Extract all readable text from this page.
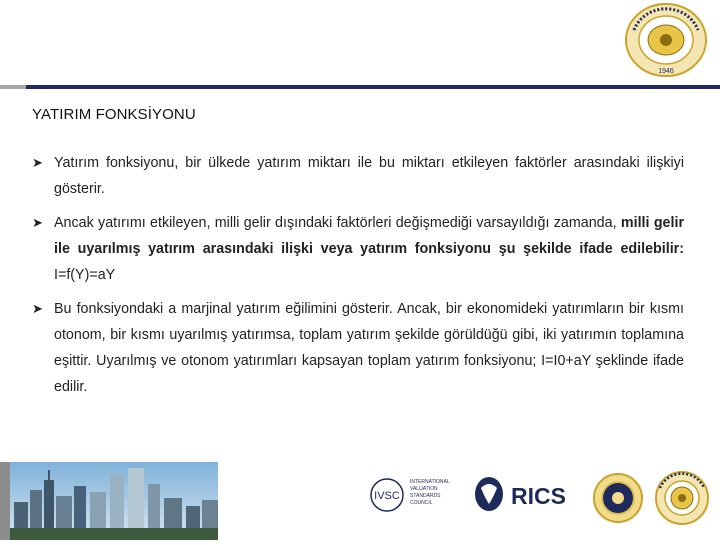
1946
YATIRIM FONKSİYONU
➤ Yatırım fonksiyonu, bir ülkede yatırım miktarı ile bu miktarı etkileyen faktörler arasındaki ilişkiyi gösterir.
➤ Ancak yatırımı etkileyen, milli gelir dışındaki faktörleri değişmediği varsayıldığı zamanda, milli gelir ile uyarılmış yatırım arasındaki ilişki veya yatırım fonksiyonu şu şekilde ifade edilebilir: I=f(Y)=aY
➤ Bu fonksiyondaki a marjinal yatırım eğilimini gösterir. Ancak, bir ekonomideki yatırımların bir kısmı otonom, bir kısmı uyarılmış yatırımsa, toplam yatırım şekilde görüldüğü gibi, iki yatırımın toplamına eşittir. Uyarılmış ve otonom yatırımları kapsayan toplam yatırım fonksiyonu; I=I0+aY şeklinde ifade edilir.
IVSC
INTERNATIONAL
VALUATION
STANDARDS
COUNCIL	RICS
